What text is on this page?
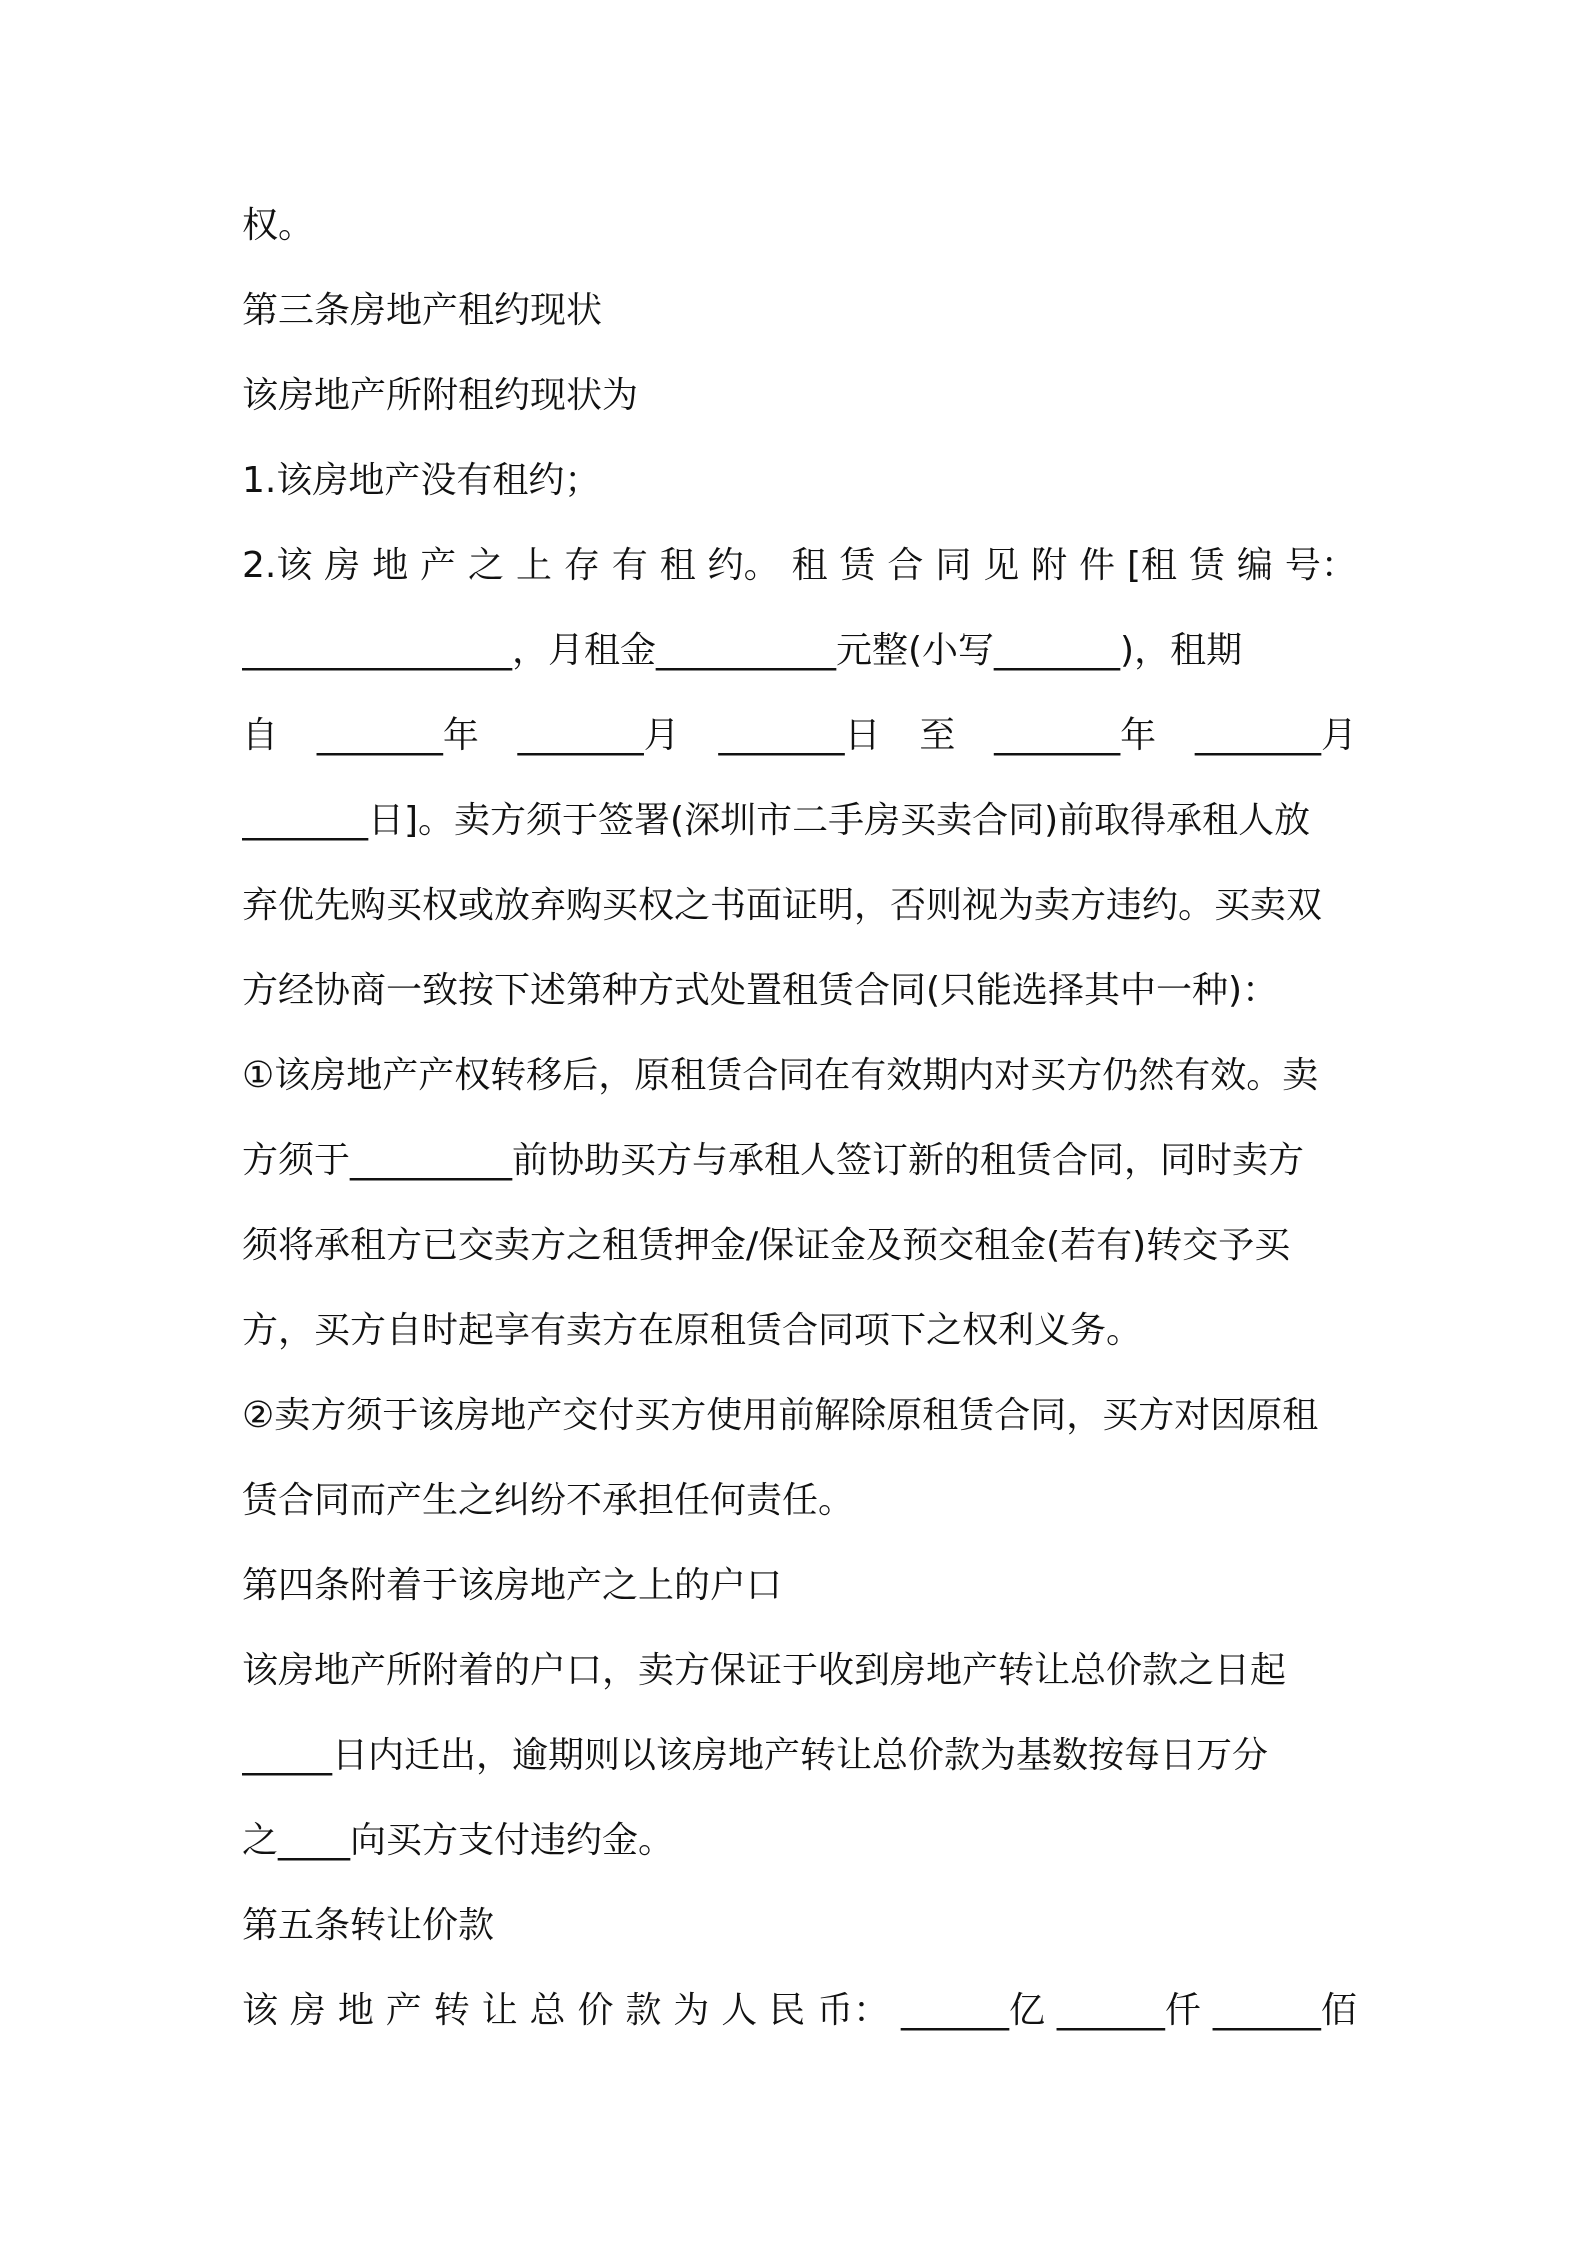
权。
第三条房地产租约现状
该房地产所附租约现状为
1.该房地产没有租约；
2.该 房 地 产 之 上 存 有 租 约。 租 赁 合 同 见 附 件 [租 赁 编 号：
_______________，月租金__________元整(小写_______)，租期
自 _______年 _______月 _______日 至 _______年 _______月
_______日]。卖方须于签署(深圳市二手房买卖合同)前取得承租人放
弃优先购买权或放弃购买权之书面证明，否则视为卖方违约。买卖双
方经协商一致按下述第种方式处置租赁合同(只能选择其中一种)：
①该房地产产权转移后，原租赁合同在有效期内对买方仍然有效。卖
方须于_________前协助买方与承租人签订新的租赁合同，同时卖方
须将承租方已交卖方之租赁押金/保证金及预交租金(若有)转交予买
方，买方自时起享有卖方在原租赁合同项下之权利义务。
②卖方须于该房地产交付买方使用前解除原租赁合同，买方对因原租
赁合同而产生之纠纷不承担任何责任。
第四条附着于该房地产之上的户口
该房地产所附着的户口，卖方保证于收到房地产转让总价款之日起
_____日内迁出，逾期则以该房地产转让总价款为基数按每日万分
之____向买方支付违约金。
第五条转让价款
该 房 地 产 转 让 总 价 款 为 人 民 币： ______亿 ______仟 ______佰
